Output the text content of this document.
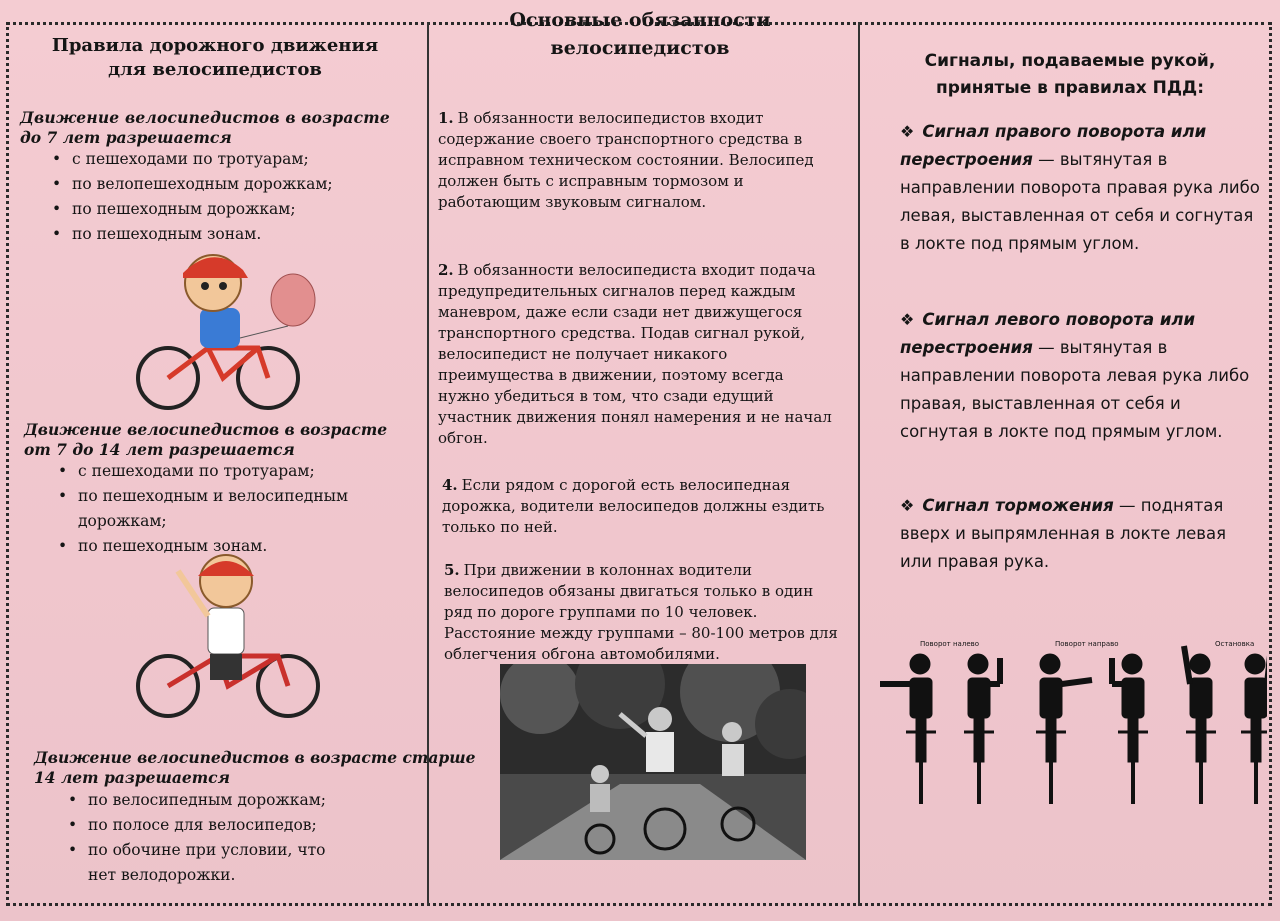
Правила дорожного движения для велосипедистов
Движение велосипедистов в возрасте
до 7 лет разрешается
• с пешеходами по тротуарам;
• по велопешеходным дорожкам;
• по пешеходным дорожкам;
• по пешеходным зонам.
Движение велосипедистов в возрасте
от 7 до 14 лет разрешается
• с пешеходами по тротуарам;
• по пешеходным и велосипедным дорожкам;
• по пешеходным зонам.
Движение велосипедистов в возрасте старше
14 лет разрешается
• по велосипедным дорожкам;
• по полосе для велосипедов;
• по обочине при условии, что нет велодорожки.
Основные обязанности велосипедистов
1. В обязанности велосипедистов входит содержание своего транспортного средства в исправном техническом состоянии. Велосипед должен быть с исправным тормозом и работающим звуковым сигналом.
2. В обязанности велосипедиста входит подача предупредительных сигналов перед каждым маневром, даже если сзади нет движущегося транспортного средства. Подав сигнал рукой, велосипедист не получает никакого преимущества в движении, поэтому всегда нужно убедиться в том, что сзади едущий участник движения понял намерения и не начал обгон.
4. Если рядом с дорогой есть велосипедная дорожка, водители велосипедов должны ездить только по ней.
5. При движении в колоннах водители велосипедов обязаны двигаться только в один ряд по дороге группами по 10 человек. Расстояние между группами – 80-100 метров для облегчения обгона автомобилями.
Сигналы, подаваемые рукой, принятые в правилах ПДД:
❖ Сигнал правого поворота или перестроения — вытянутая в направлении поворота правая рука либо левая, выставленная от себя и согнутая в локте под прямым углом.
❖ Сигнал левого поворота или перестроения — вытянутая в направлении поворота левая рука либо правая, выставленная от себя и согнутая в локте под прямым углом.
❖ Сигнал торможения — поднятая вверх и выпрямленная в локте левая или правая рука.
Поворот налево	Поворот направо	Остановка
